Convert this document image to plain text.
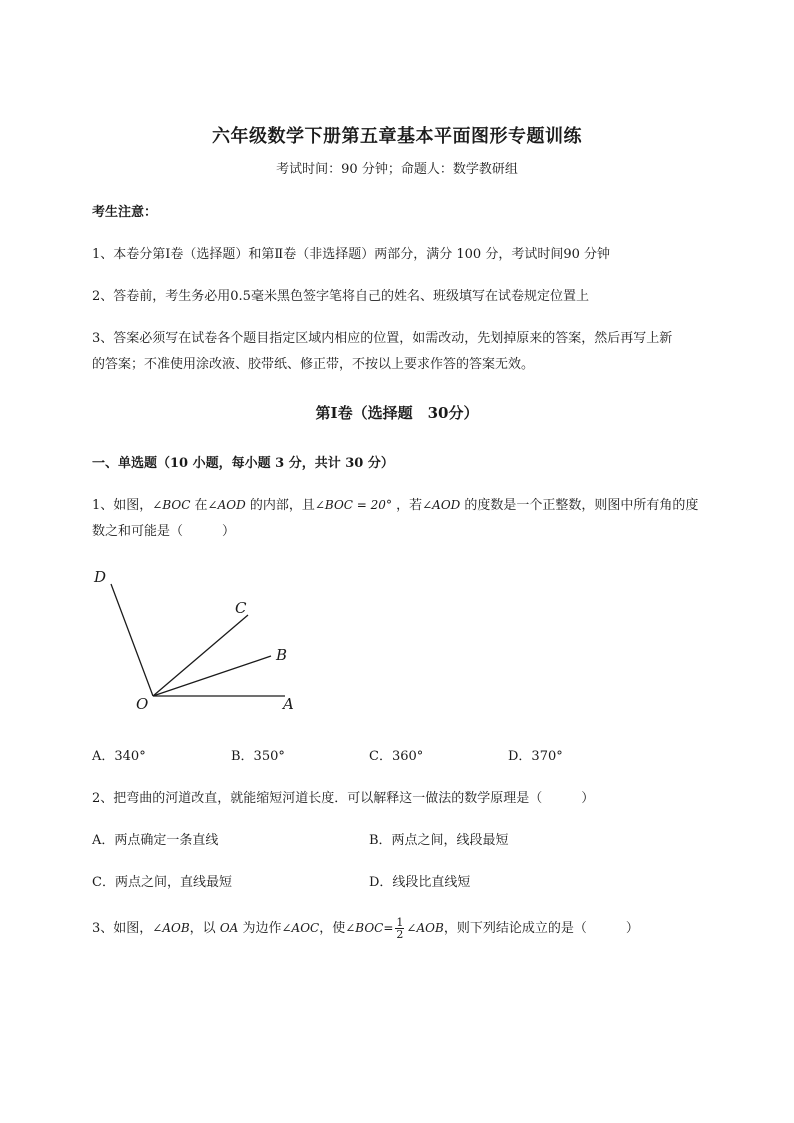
六年级数学下册第五章基本平面图形专题训练
考试时间：90 分钟；命题人：数学教研组
考生注意：
1、本卷分第Ⅰ卷（选择题）和第Ⅱ卷（非选择题）两部分，满分 100 分，考试时间90 分钟
2、答卷前，考生务必用0.5毫米黑色签字笔将自己的姓名、班级填写在试卷规定位置上
3、答案必须写在试卷各个题目指定区域内相应的位置，如需改动，先划掉原来的答案，然后再写上新
的答案；不准使用涂改液、胶带纸、修正带，不按以上要求作答的答案无效。
第Ⅰ卷（选择题　30分）
一、单选题（10 小题，每小题 3 分，共计 30 分）
1、如图，∠BOC 在∠AOD 的内部，且∠BOC = 20° ，若∠AOD 的度数是一个正整数，则图中所有角的度
数之和可能是（　　　）
D
C
B
O	A
A．340°	B．350°	C．360°	D．370°
2、把弯曲的河道改直，就能缩短河道长度．可以解释这一做法的数学原理是（　　　）
A．两点确定一条直线	B．两点之间，线段最短
C．两点之间，直线最短	D．线段比直线短
3、如图，∠AOB，以 OA 为边作∠AOC，使∠BOC= $\frac{1}{2}$ ∠AOB，则下列结论成立的是（　　　）
